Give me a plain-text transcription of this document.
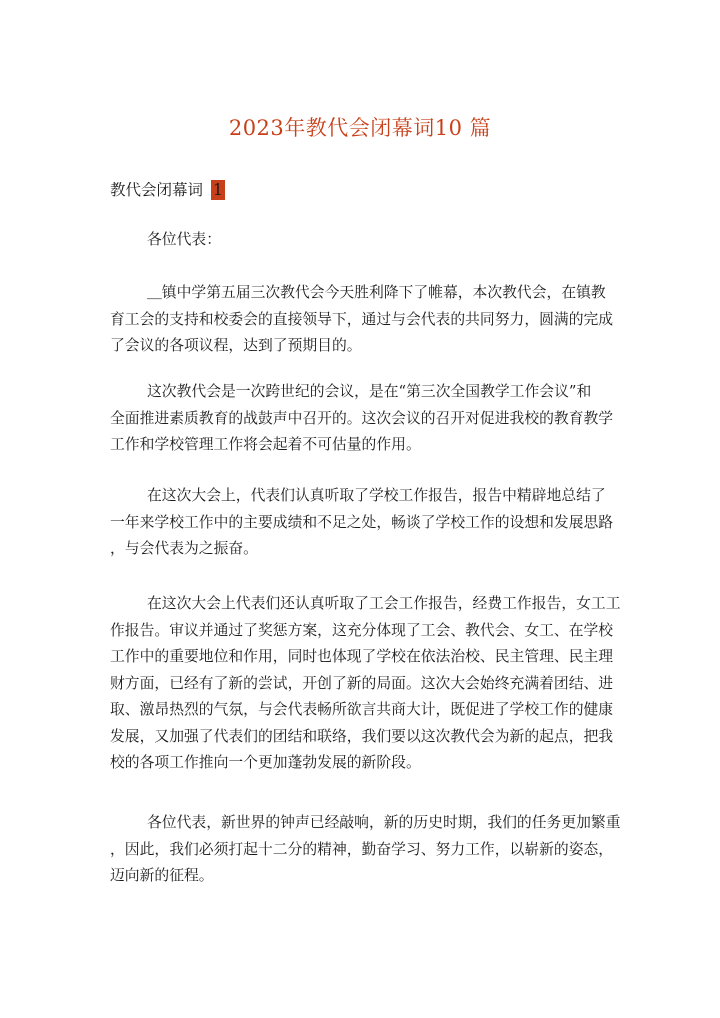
2023年教代会闭幕词10 篇
教代会闭幕词 1
各位代表：
＿镇中学第五届三次教代会今天胜利降下了帷幕，本次教代会，在镇教
育工会的支持和校委会的直接领导下，通过与会代表的共同努力，圆满的完成
了会议的各项议程，达到了预期目的。
这次教代会是一次跨世纪的会议，是在“第三次全国教学工作会议”和
全面推进素质教育的战鼓声中召开的。这次会议的召开对促进我校的教育教学
工作和学校管理工作将会起着不可估量的作用。
在这次大会上，代表们认真听取了学校工作报告，报告中精辟地总结了
一年来学校工作中的主要成绩和不足之处，畅谈了学校工作的设想和发展思路
，与会代表为之振奋。
在这次大会上代表们还认真听取了工会工作报告，经费工作报告，女工工
作报告。审议并通过了奖惩方案，这充分体现了工会、教代会、女工、在学校
工作中的重要地位和作用，同时也体现了学校在依法治校、民主管理、民主理
财方面，已经有了新的尝试，开创了新的局面。这次大会始终充满着团结、进
取、激昂热烈的气氛，与会代表畅所欲言共商大计，既促进了学校工作的健康
发展，又加强了代表们的团结和联络，我们要以这次教代会为新的起点，把我
校的各项工作推向一个更加蓬勃发展的新阶段。
各位代表，新世界的钟声已经敲响，新的历史时期，我们的任务更加繁重
，因此，我们必须打起十二分的精神，勤奋学习、努力工作，以崭新的姿态，
迈向新的征程。
